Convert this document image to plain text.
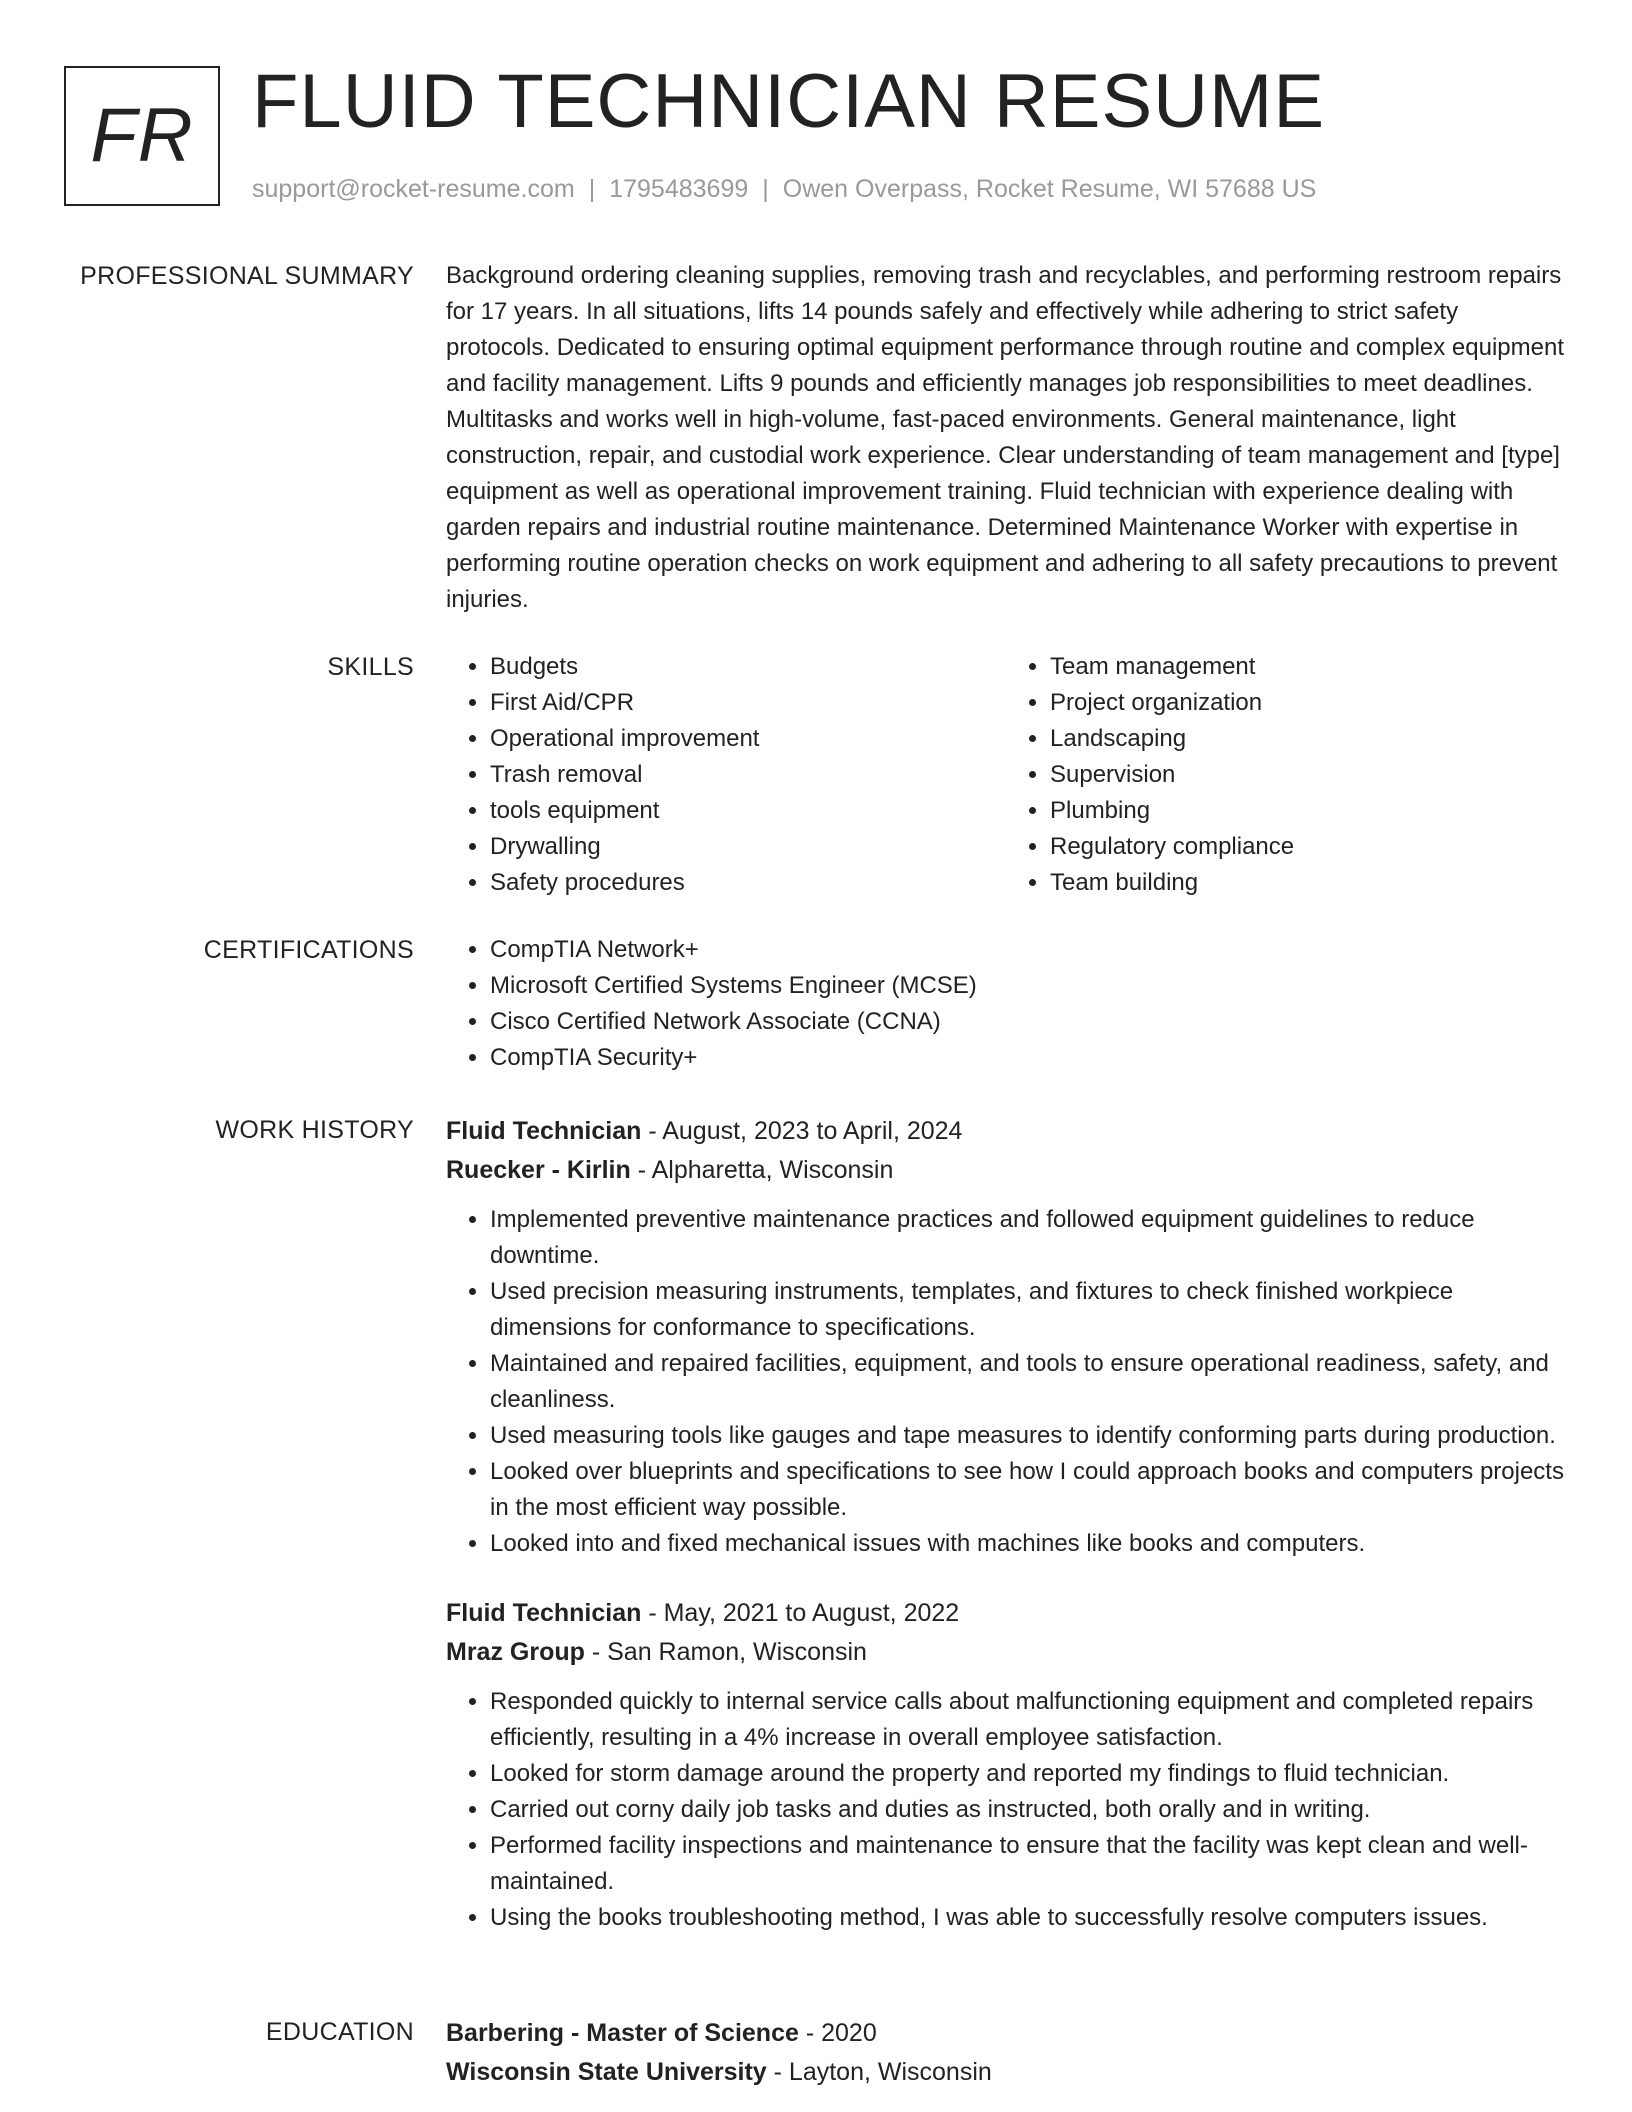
FR FLUID TECHNICIAN RESUME
support@rocket-resume.com | 1795483699 | Owen Overpass, Rocket Resume, WI 57688 US
PROFESSIONAL SUMMARY Background ordering cleaning supplies, removing trash and recyclables, and performing restroom repairs for 17 years. In all situations, lifts 14 pounds safely and effectively while adhering to strict safety protocols. Dedicated to ensuring optimal equipment performance through routine and complex equipment and facility management. Lifts 9 pounds and efficiently manages job responsibilities to meet deadlines. Multitasks and works well in high-volume, fast-paced environments. General maintenance, light construction, repair, and custodial work experience. Clear understanding of team management and [type] equipment as well as operational improvement training. Fluid technician with experience dealing with garden repairs and industrial routine maintenance. Determined Maintenance Worker with expertise in performing routine operation checks on work equipment and adhering to all safety precautions to prevent injuries.

SKILLS	• Budgets
• First Aid/CPR
• Operational improvement
• Trash removal
• tools equipment
• Drywalling
• Safety procedures
• Team management
• Project organization
• Landscaping
• Supervision
• Plumbing
• Regulatory compliance
• Team building
CERTIFICATIONS	• CompTIA Network+
• Microsoft Certified Systems Engineer (MCSE)
• Cisco Certified Network Associate (CCNA)
• CompTIA Security+
WORK HISTORY Fluid Technician - August, 2023 to April, 2024
Ruecker - Kirlin - Alpharetta, Wisconsin
• Implemented preventive maintenance practices and followed equipment guidelines to reduce downtime.
• Used precision measuring instruments, templates, and fixtures to check finished workpiece dimensions for conformance to specifications.
• Maintained and repaired facilities, equipment, and tools to ensure operational readiness, safety, and cleanliness.
• Used measuring tools like gauges and tape measures to identify conforming parts during production.
• Looked over blueprints and specifications to see how I could approach books and computers projects in the most efficient way possible.
• Looked into and fixed mechanical issues with machines like books and computers.
Fluid Technician - May, 2021 to August, 2022
Mraz Group - San Ramon, Wisconsin
• Responded quickly to internal service calls about malfunctioning equipment and completed repairs efficiently, resulting in a 4% increase in overall employee satisfaction.
• Looked for storm damage around the property and reported my findings to fluid technician.
• Carried out corny daily job tasks and duties as instructed, both orally and in writing.
• Performed facility inspections and maintenance to ensure that the facility was kept clean and well-maintained.
• Using the books troubleshooting method, I was able to successfully resolve computers issues.
EDUCATION Barbering - Master of Science - 2020
Wisconsin State University - Layton, Wisconsin
